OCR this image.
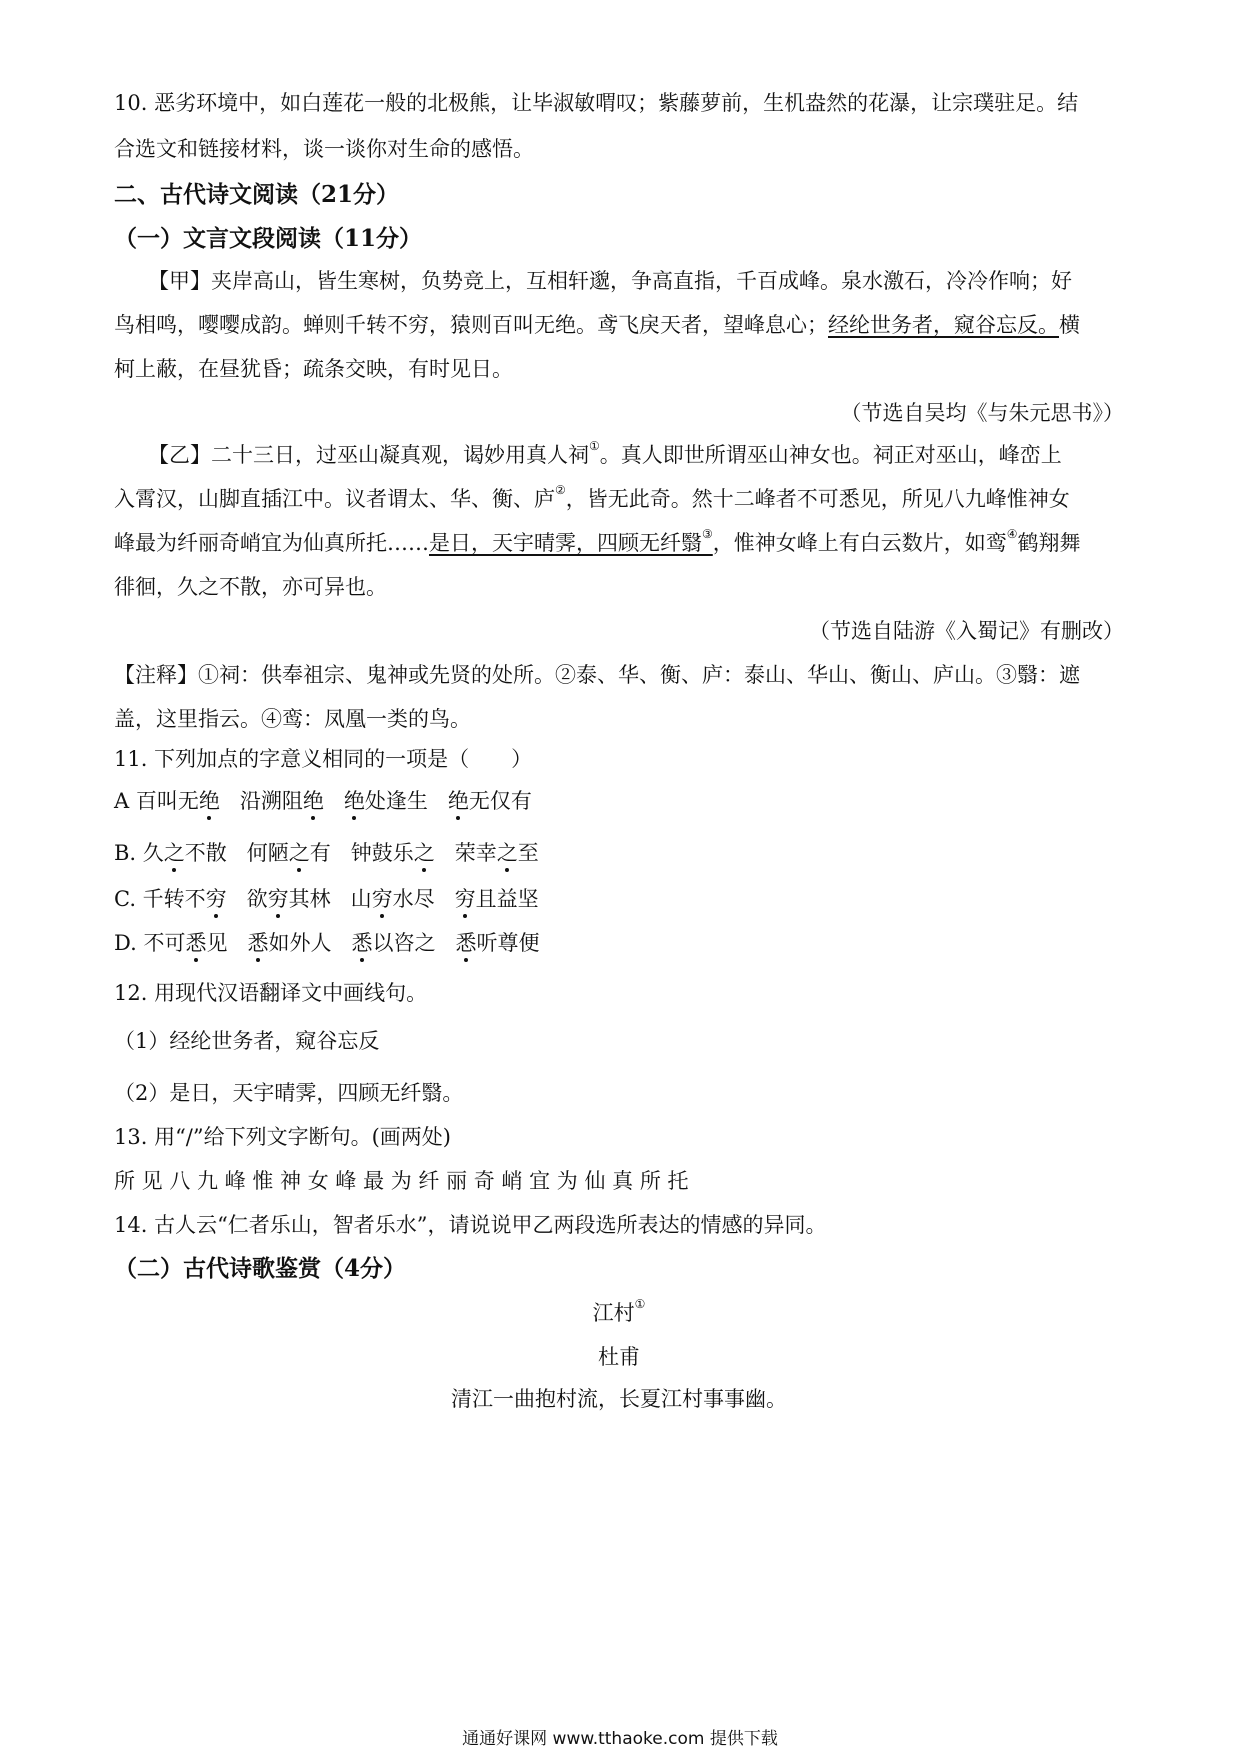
10. 恶劣环境中，如白莲花一般的北极熊，让毕淑敏喟叹；紫藤萝前，生机盎然的花瀑，让宗璞驻足。结
合选文和链接材料，谈一谈你对生命的感悟。
二、古代诗文阅读（21分）
（一）文言文段阅读（11分）
【甲】夹岸高山，皆生寒树，负势竞上，互相轩邈，争高直指，千百成峰。泉水激石，冷冷作响；好
鸟相鸣，嘤嘤成韵。蝉则千转不穷，猿则百叫无绝。鸢飞戾天者，望峰息心；经纶世务者，窥谷忘反。横
柯上蔽，在昼犹昏；疏条交映，有时见日。
（节选自吴均《与朱元思书》）
【乙】二十三日，过巫山凝真观，谒妙用真人祠①。真人即世所谓巫山神女也。祠正对巫山，峰峦上
入霄汉，山脚直插江中。议者谓太、华、衡、庐②，皆无此奇。然十二峰者不可悉见，所见八九峰惟神女
峰最为纤丽奇峭宜为仙真所托……是日，天宇晴霁，四顾无纤翳③，惟神女峰上有白云数片，如鸾④鹤翔舞
徘徊，久之不散，亦可异也。
（节选自陆游《入蜀记》有删改）
【注释】①祠：供奉祖宗、鬼神或先贤的处所。②泰、华、衡、庐：泰山、华山、衡山、庐山。③翳：遮
盖，这里指云。④鸾：凤凰一类的鸟。
11. 下列加点的字意义相同的一项是（　　）
A 百叫无绝 沿溯阻绝 绝处逢生 绝无仅有
B. 久之不散 何陋之有 钟鼓乐之 荣幸之至
C. 千转不穷 欲穷其林 山穷水尽 穷且益坚
D. 不可悉见 悉如外人 悉以咨之 悉听尊便
12. 用现代汉语翻译文中画线句。
（1）经纶世务者，窥谷忘反
（2）是日，天宇晴霁，四顾无纤翳。
13. 用“/”给下列文字断句。(画两处)
所 见 八 九 峰 惟 神 女 峰 最 为 纤 丽 奇 峭 宜 为 仙 真 所 托
14. 古人云“仁者乐山，智者乐水”，请说说甲乙两段选所表达的情感的异同。
（二）古代诗歌鉴赏（4分）
江村①
杜甫
清江一曲抱村流，长夏江村事事幽。
通通好课网 www.tthaoke.com 提供下载
